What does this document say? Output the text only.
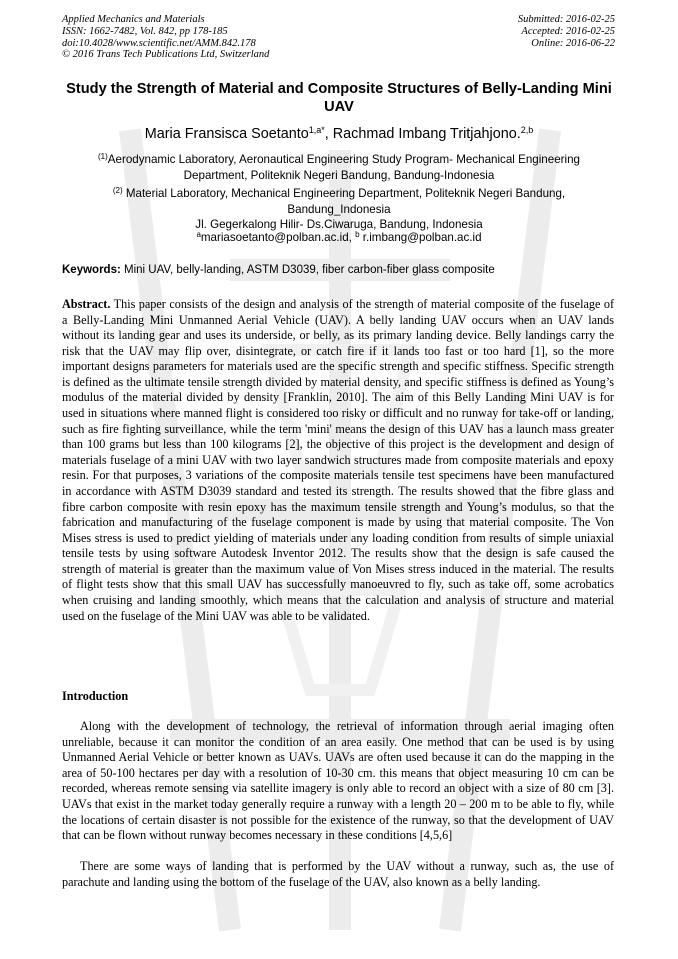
Applied Mechanics and Materials
ISSN: 1662-7482, Vol. 842, pp 178-185
doi:10.4028/www.scientific.net/AMM.842.178
© 2016 Trans Tech Publications Ltd, Switzerland
Submitted: 2016-02-25
Accepted: 2016-02-25
Online: 2016-06-22
Study the Strength of Material and Composite Structures of Belly-Landing Mini UAV
Maria Fransisca Soetanto$^{1,a*}$, Rachmad Imbang Tritjahjono.$^{2,b}$
$^{(1)}$Aerodynamic Laboratory, Aeronautical Engineering Study Program- Mechanical Engineering
Department, Politeknik Negeri Bandung, Bandung-Indonesia
$^{(2)}$ Material Laboratory, Mechanical Engineering Department, Politeknik Negeri Bandung,
Bandung_Indonesia
Jl. Gegerkalong Hilir- Ds.Ciwaruga, Bandung, Indonesia
$^a$mariasoetanto@polban.ac.id, $^b$ r.imbang@polban.ac.id
Keywords: Mini UAV, belly-landing, ASTM D3039, fiber carbon-fiber glass composite

Abstract. This paper consists of the design and analysis of the strength of material composite of the fuselage of a Belly-Landing Mini Unmanned Aerial Vehicle (UAV). A belly landing UAV occurs when an UAV lands without its landing gear and uses its underside, or belly, as its primary landing device. Belly landings carry the risk that the UAV may flip over, disintegrate, or catch fire if it lands too fast or too hard [1], so the more important designs parameters for materials used are the specific strength and specific stiffness. Specific strength is defined as the ultimate tensile strength divided by material density, and specific stiffness is defined as Young’s modulus of the material divided by density [Franklin, 2010]. The aim of this Belly Landing Mini UAV is for used in situations where manned flight is considered too risky or difficult and no runway for take-off or landing, such as fire fighting surveillance, while the term 'mini' means the design of this UAV has a launch mass greater than 100 grams but less than 100 kilograms [2], the objective of this project is the development and design of materials fuselage of a mini UAV with two layer sandwich structures made from composite materials and epoxy resin. For that purposes, 3 variations of the composite materials tensile test specimens have been manufactured in accordance with ASTM D3039 standard and tested its strength. The results showed that the fibre glass and fibre carbon composite with resin epoxy has the maximum tensile strength and Young’s modulus, so that the fabrication and manufacturing of the fuselage component is made by using that material composite. The Von Mises stress is used to predict yielding of materials under any loading condition from results of simple uniaxial tensile tests by using software Autodesk Inventor 2012. The results show that the design is safe caused the strength of material is greater than the maximum value of Von Mises stress induced in the material. The results of flight tests show that this small UAV has successfully manoeuvred to fly, such as take off, some acrobatics when cruising and landing smoothly, which means that the calculation and analysis of structure and material used on the fuselage of the Mini UAV was able to be validated.

Introduction

Along with the development of technology, the retrieval of information through aerial imaging often unreliable, because it can monitor the condition of an area easily. One method that can be used is by using Unmanned Aerial Vehicle or better known as UAVs. UAVs are often used because it can do the mapping in the area of 50-100 hectares per day with a resolution of 10-30 cm. this means that object measuring 10 cm can be recorded, whereas remote sensing via satellite imagery is only able to record an object with a size of 80 cm [3]. UAVs that exist in the market today generally require a runway with a length 20 – 200 m to be able to fly, while the locations of certain disaster is not possible for the existence of the runway, so that the development of UAV that can be flown without runway becomes necessary in these conditions [4,5,6]

There are some ways of landing that is performed by the UAV without a runway, such as, the use of parachute and landing using the bottom of the fuselage of the UAV, also known as a belly landing.
